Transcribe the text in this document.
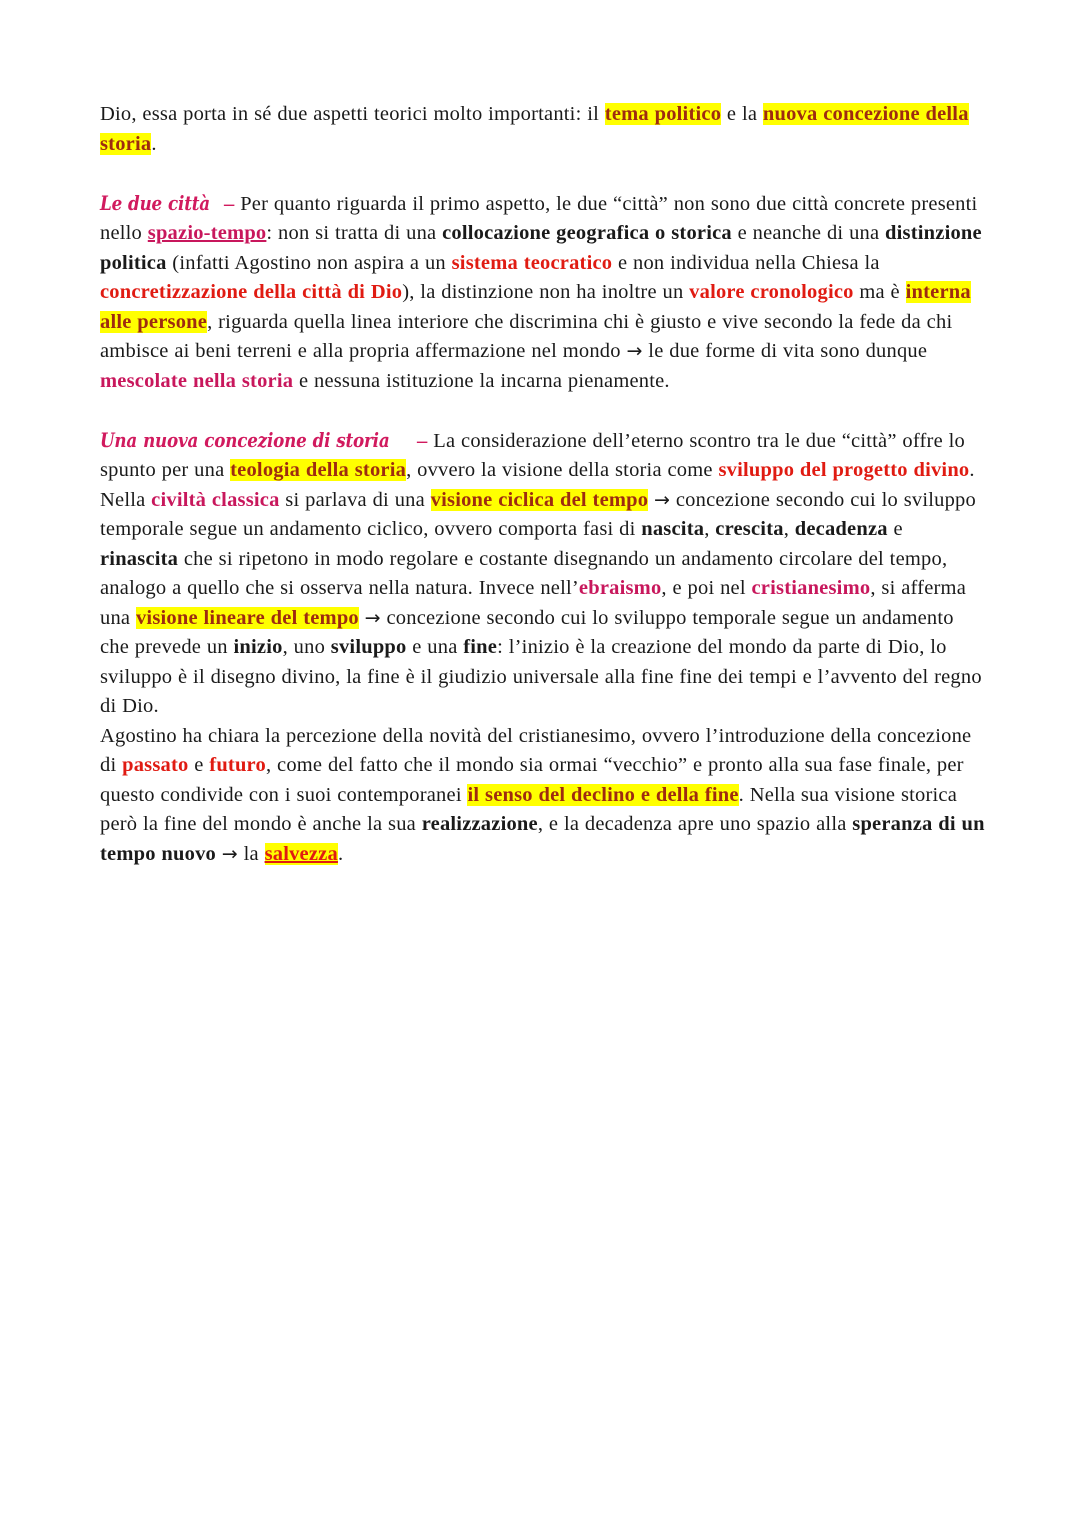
Dio, essa porta in sé due aspetti teorici molto importanti: il tema politico e la nuova concezione della storia.

Le due città – Per quanto riguarda il primo aspetto, le due “città” non sono due città concrete presenti nello spazio-tempo: non si tratta di una collocazione geografica o storica e neanche di una distinzione politica (infatti Agostino non aspira a un sistema teocratico e non individua nella Chiesa la concretizzazione della città di Dio), la distinzione non ha inoltre un valore cronologico ma è interna alle persone, riguarda quella linea interiore che discrimina chi è giusto e vive secondo la fede da chi ambisce ai beni terreni e alla propria affermazione nel mondo → le due forme di vita sono dunque mescolate nella storia e nessuna istituzione la incarna pienamente.

Una nuova concezione di storia – La considerazione dell’eterno scontro tra le due “città” offre lo spunto per una teologia della storia, ovvero la visione della storia come sviluppo del progetto divino. Nella civiltà classica si parlava di una visione ciclica del tempo → concezione secondo cui lo sviluppo temporale segue un andamento ciclico, ovvero comporta fasi di nascita, crescita, decadenza e rinascita che si ripetono in modo regolare e costante disegnando un andamento circolare del tempo, analogo a quello che si osserva nella natura. Invece nell’ebraismo, e poi nel cristianesimo, si afferma una visione lineare del tempo → concezione secondo cui lo sviluppo temporale segue un andamento che prevede un inizio, uno sviluppo e una fine: l’inizio è la creazione del mondo da parte di Dio, lo sviluppo è il disegno divino, la fine è il giudizio universale alla fine fine dei tempi e l’avvento del regno di Dio.

Agostino ha chiara la percezione della novità del cristianesimo, ovvero l’introduzione della concezione di passato e futuro, come del fatto che il mondo sia ormai “vecchio” e pronto alla sua fase finale, per questo condivide con i suoi contemporanei il senso del declino e della fine. Nella sua visione storica però la fine del mondo è anche la sua realizzazione, e la decadenza apre uno spazio alla speranza di un tempo nuovo → la salvezza.
